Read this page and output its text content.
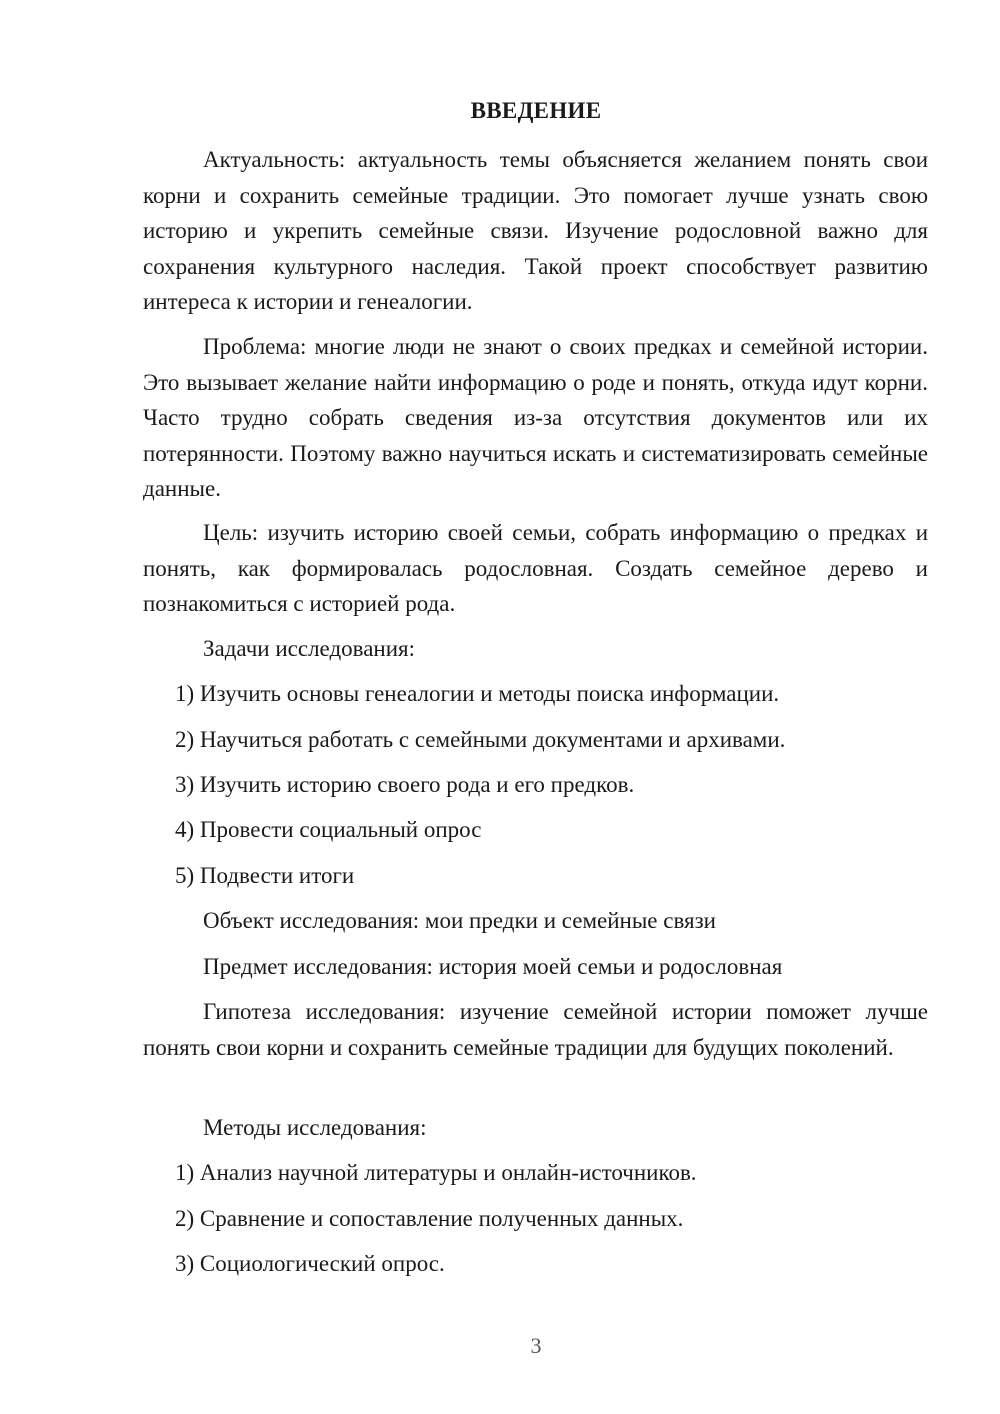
ВВЕДЕНИЕ

Актуальность: актуальность темы объясняется желанием понять свои корни и сохранить семейные традиции. Это помогает лучше узнать свою историю и укрепить семейные связи. Изучение родословной важно для сохранения культурного наследия. Такой проект способствует развитию интереса к истории и генеалогии.

Проблема: многие люди не знают о своих предках и семейной истории. Это вызывает желание найти информацию о роде и понять, откуда идут корни. Часто трудно собрать сведения из-за отсутствия документов или их потерянности. Поэтому важно научиться искать и систематизировать семейные данные.

Цель: изучить историю своей семьи, собрать информацию о предках и понять, как формировалась родословная. Создать семейное дерево и познакомиться с историей рода.

Задачи исследования:
1) Изучить основы генеалогии и методы поиска информации.
2) Научиться работать с семейными документами и архивами.
3) Изучить историю своего рода и его предков.
4) Провести социальный опрос
5) Подвести итоги
Объект исследования: мои предки и семейные связи
Предмет исследования: история моей семьи и родословная

Гипотеза исследования: изучение семейной истории поможет лучше понять свои корни и сохранить семейные традиции для будущих поколений.

Методы исследования:
1) Анализ научной литературы и онлайн-источников.
2) Сравнение и сопоставление полученных данных.
3) Социологический опрос.
3
